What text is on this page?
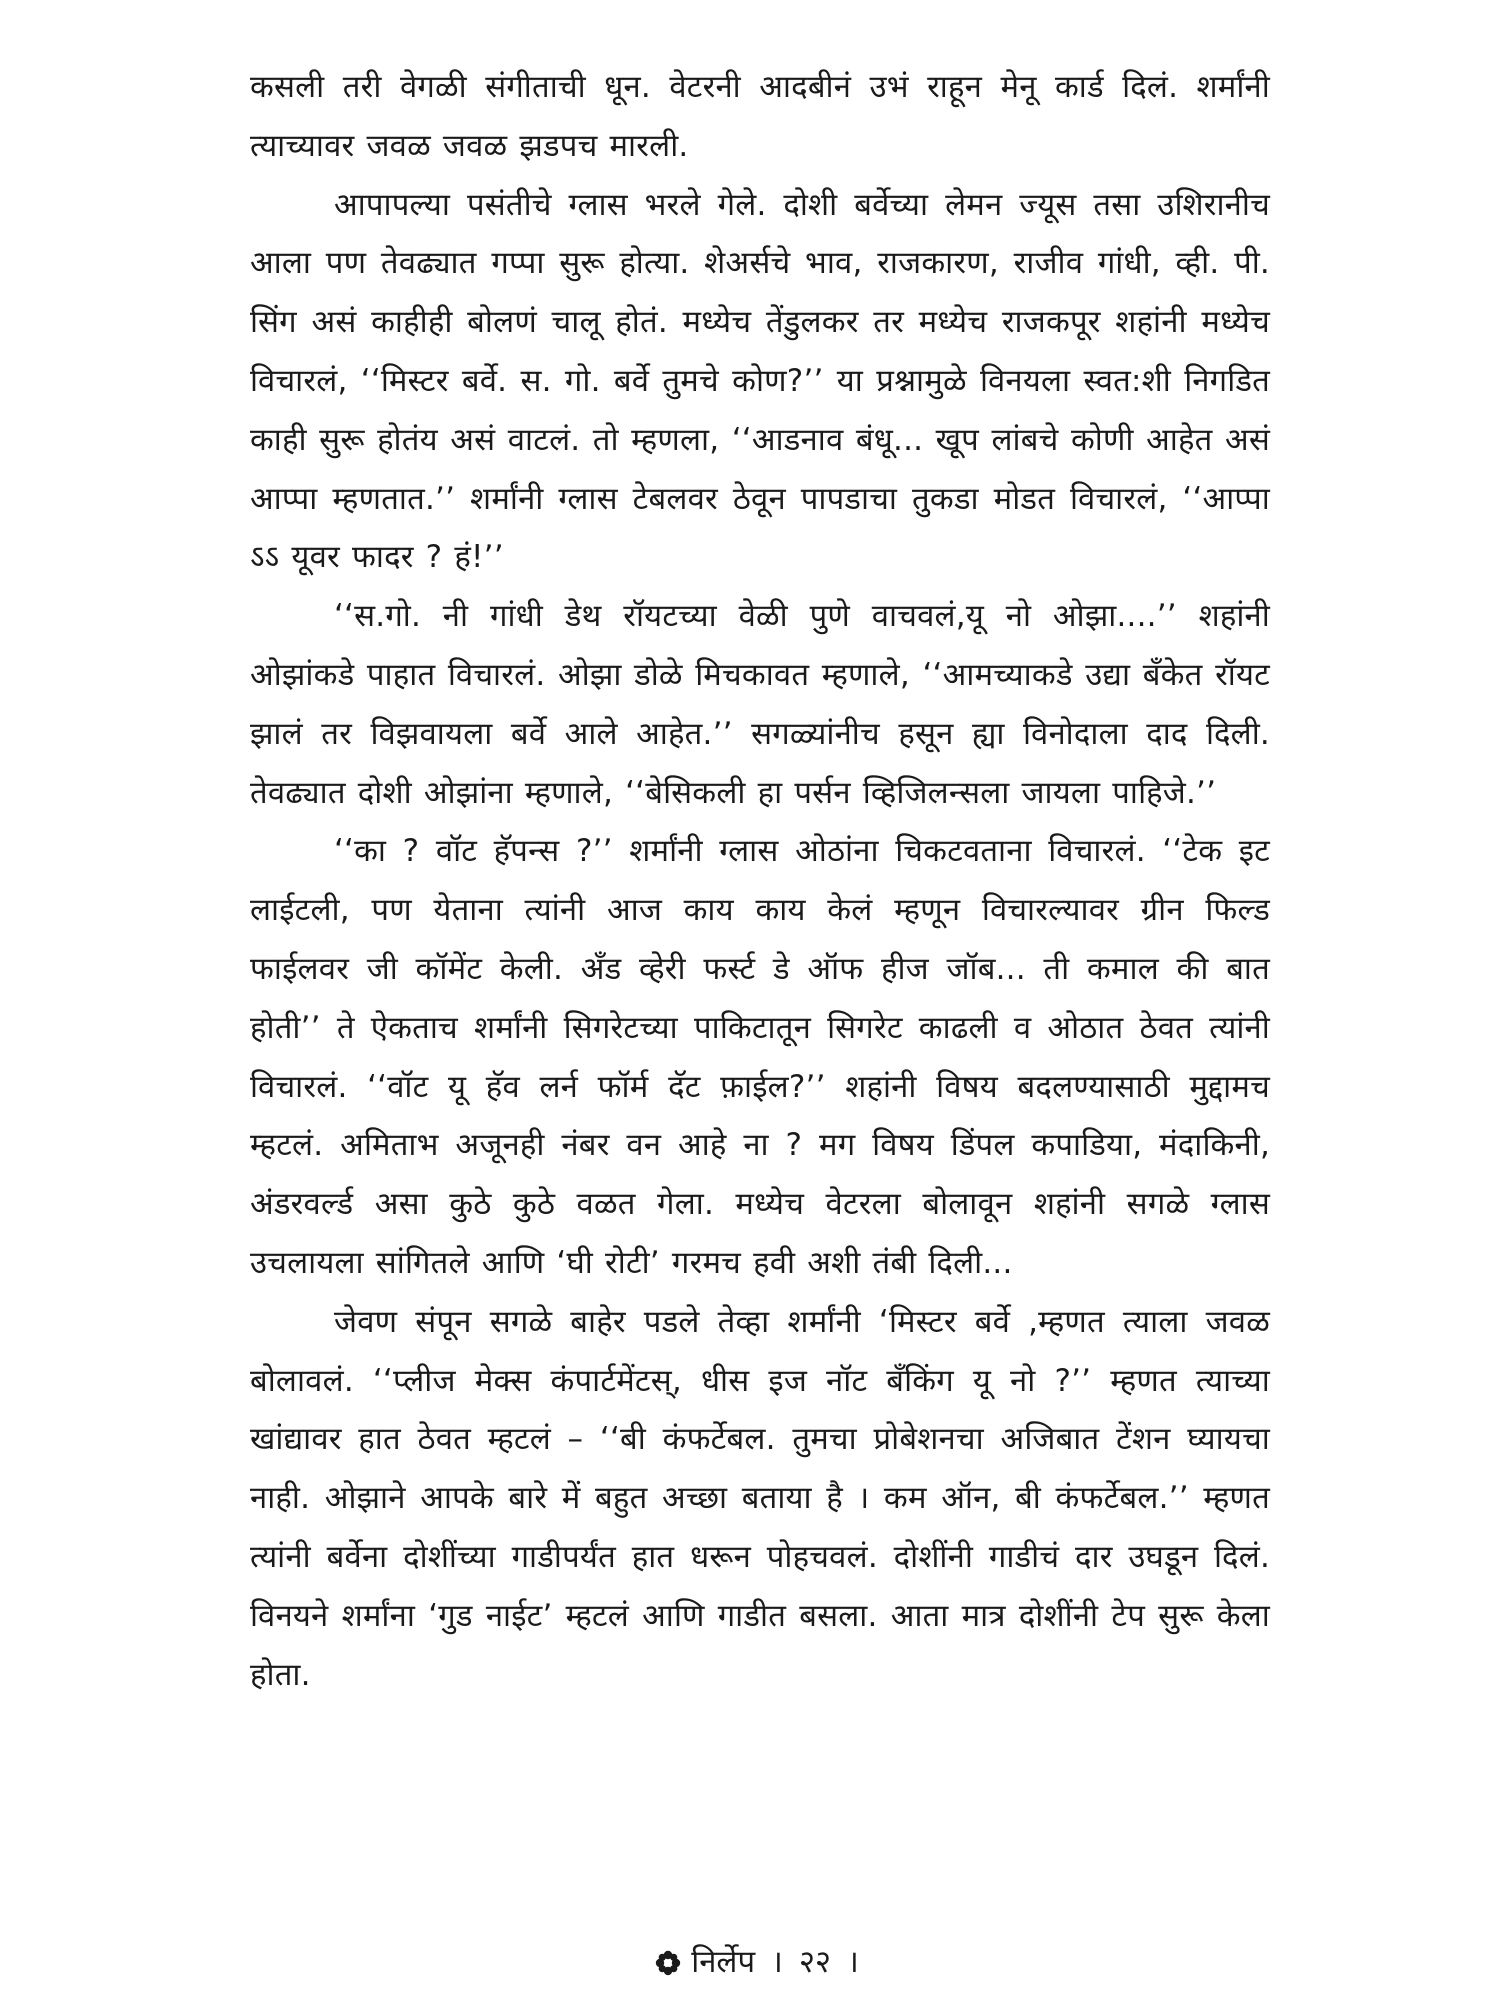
कसली तरी वेगळी संगीताची धून. वेटरनी आदबीनं उभं राहून मेनू कार्ड दिलं. शर्मांनी त्याच्यावर जवळ जवळ झडपच मारली.

आपापल्या पसंतीचे ग्लास भरले गेले. दोशी बर्वेच्या लेमन ज्यूस तसा उशिरानीच आला पण तेवढ्यात गप्पा सुरू होत्या. शेअर्सचे भाव, राजकारण, राजीव गांधी, व्ही. पी. सिंग असं काहीही बोलणं चालू होतं. मध्येच तेंडुलकर तर मध्येच राजकपूर शहांनी मध्येच विचारलं, ‘‘मिस्टर बर्वे. स. गो. बर्वे तुमचे कोण?’’ या प्रश्नामुळे विनयला स्वत:शी निगडित काही सुरू होतंय असं वाटलं. तो म्हणला, ‘‘आडनाव बंधू... खूप लांबचे कोणी आहेत असं आप्पा म्हणतात.’’ शर्मांनी ग्लास टेबलवर ठेवून पापडाचा तुकडा मोडत विचारलं, ‘‘आप्पा ऽऽ यूवर फादर ? हं!’’

‘‘स.गो. नी गांधी डेथ रॉयटच्या वेळी पुणे वाचवलं,यू नो ओझा....’’ शहांनी ओझांकडे पाहात विचारलं. ओझा डोळे मिचकावत म्हणाले, ‘‘आमच्याकडे उद्या बँकेत रॉयट झालं तर विझवायला बर्वे आले आहेत.’’ सगळ्यांनीच हसून ह्या विनोदाला दाद दिली. तेवढ्यात दोशी ओझांना म्हणाले, ‘‘बेसिकली हा पर्सन व्हिजिलन्सला जायला पाहिजे.’’

‘‘का ? वॉट हॅपन्स ?’’ शर्मांनी ग्लास ओठांना चिकटवताना विचारलं. ‘‘टेक इट लाईटली, पण येताना त्यांनी आज काय काय केलं म्हणून विचारल्यावर ग्रीन फिल्ड फाईलवर जी कॉमेंट केली. अँड व्हेरी फर्स्ट डे ऑफ हीज जॉब... ती कमाल की बात होती’’ ते ऐकताच शर्मांनी सिगरेटच्या पाकिटातून सिगरेट काढली व ओठात ठेवत त्यांनी विचारलं. ‘‘वॉट यू हॅव लर्न फॉर्म दॅट फ़ाईल?’’ शहांनी विषय बदलण्यासाठी मुद्दामच म्हटलं. अमिताभ अजूनही नंबर वन आहे ना ? मग विषय डिंपल कपाडिया, मंदाकिनी, अंडरवर्ल्ड असा कुठे कुठे वळत गेला. मध्येच वेटरला बोलावून शहांनी सगळे ग्लास उचलायला सांगितले आणि ‘घी रोटी’ गरमच हवी अशी तंबी दिली...

जेवण संपून सगळे बाहेर पडले तेव्हा शर्मांनी ‘मिस्टर बर्वे ,म्हणत त्याला जवळ बोलावलं. ‘‘प्लीज मेक्स कंपार्टमेंटस्, धीस इज नॉट बँकिंग यू नो ?’’ म्हणत त्याच्या खांद्यावर हात ठेवत म्हटलं – ‘‘बी कंफर्टेबल. तुमचा प्रोबेशनचा अजिबात टेंशन घ्यायचा नाही. ओझाने आपके बारे में बहुत अच्छा बताया है । कम ऑन, बी कंफर्टेबल.’’ म्हणत त्यांनी बर्वेना दोशींच्या गाडीपर्यंत हात धरून पोहचवलं. दोशींनी गाडीचं दार उघडून दिलं. विनयने शर्मांना ‘गुड नाईट’ म्हटलं आणि गाडीत बसला. आता मात्र दोशींनी टेप सुरू केला होता.

निर्लेप । २२ ।
